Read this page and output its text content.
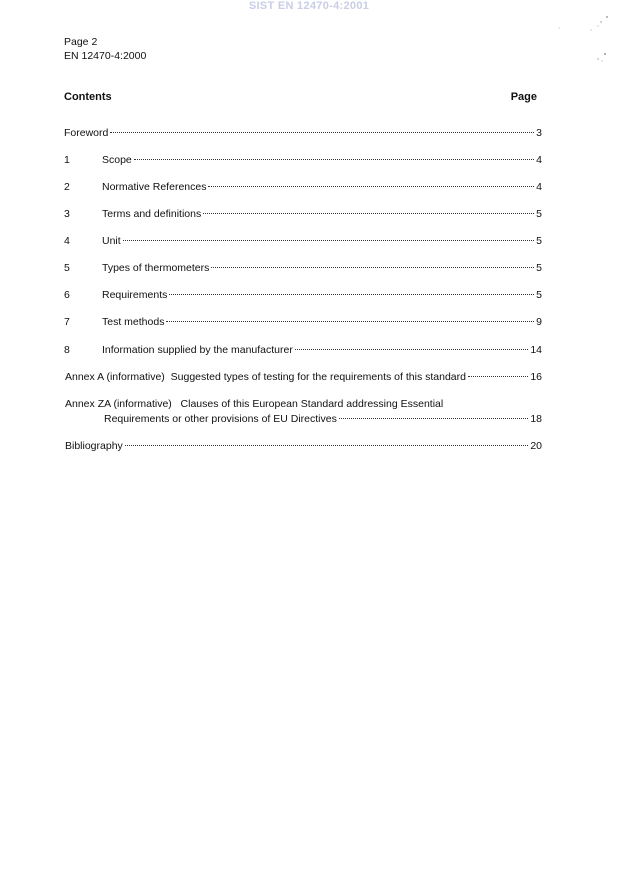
SIST EN 12470-4:2001
Page 2
EN 12470-4:2000
Contents	Page
Foreword	3
1	Scope	4
2	Normative References	4
3	Terms and definitions	5
4	Unit	5
5	Types of thermometers	5
6	Requirements	5
7	Test methods	9
8	Information supplied by the manufacturer	14
Annex A (informative)  Suggested types of testing for the requirements of this standard	16
Annex ZA (informative)   Clauses of this European Standard addressing Essential
Requirements or other provisions of EU Directives	18
Bibliography	20
